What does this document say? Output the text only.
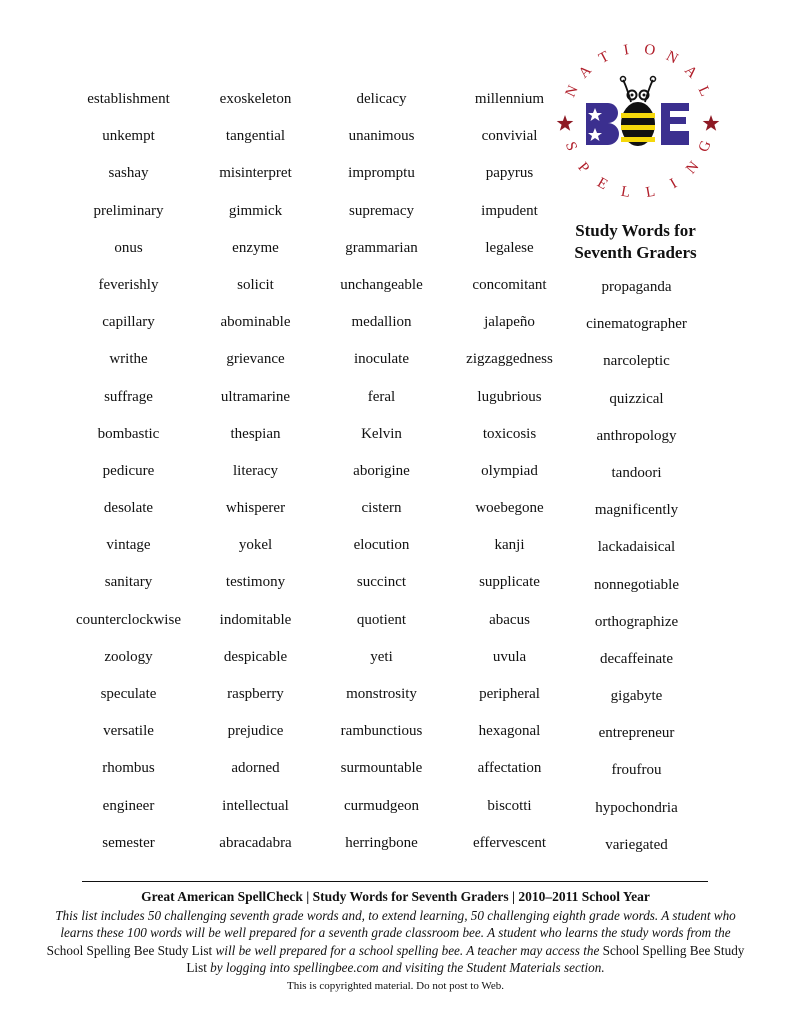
establishment
unkempt
sashay
preliminary
onus
feverishly
capillary
writhe
suffrage
bombastic
pedicure
desolate
vintage
sanitary
counterclockwise
zoology
speculate
versatile
rhombus
engineer
semester
exoskeleton
tangential
misinterpret
gimmick
enzyme
solicit
abominable
grievance
ultramarine
thespian
literacy
whisperer
yokel
testimony
indomitable
despicable
raspberry
prejudice
adorned
intellectual
abracadabra
delicacy
unanimous
impromptu
supremacy
grammarian
unchangeable
medallion
inoculate
feral
Kelvin
aborigine
cistern
elocution
succinct
quotient
yeti
monstrosity
rambunctious
surmountable
curmudgeon
herringbone
millennium
convivial
papyrus
impudent
legalese
concomitant
jalapeño
zigzaggedness
lugubrious
toxicosis
olympiad
woebegone
kanji
supplicate
abacus
uvula
peripheral
hexagonal
affectation
biscotti
effervescent
propaganda
cinematographer
narcoleptic
quizzical
anthropology
tandoori
magnificently
lackadaisical
nonnegotiable
orthographize
decaffeinate
gigabyte
entrepreneur
froufrou
hypochondria
variegated
N
A
T I O N
A
L
S
P
E L L I
N
G
Study Words for
Seventh Graders
Great American SpellCheck | Study Words for Seventh Graders | 2010–2011 School Year

This list includes 50 challenging seventh grade words and, to extend learning, 50 challenging eighth grade words. A student who learns these 100 words will be well prepared for a seventh grade classroom bee. A student who learns the study words from the School Spelling Bee Study List will be well prepared for a school spelling bee. A teacher may access the School Spelling Bee Study List by logging into spellingbee.com and visiting the Student Materials section.

This is copyrighted material. Do not post to Web.
